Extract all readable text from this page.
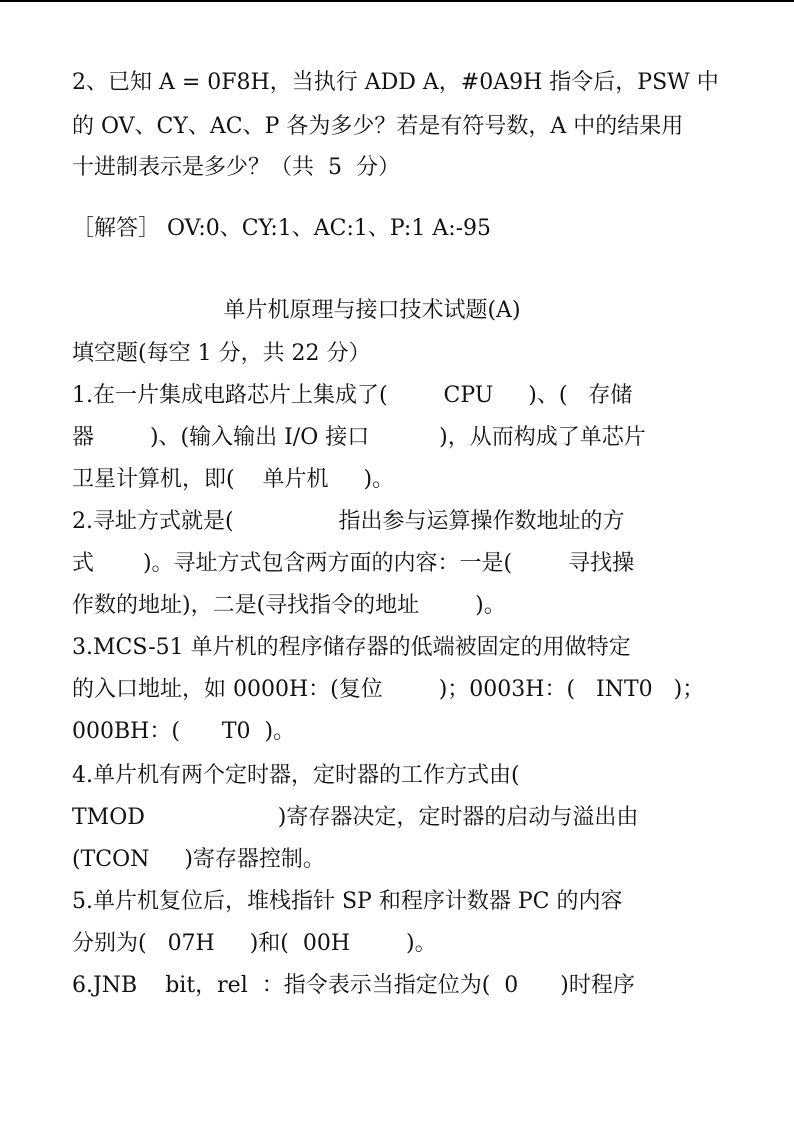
2、已知 A = 0F8H，当执行 ADD A，#0A9H 指令后，PSW 中
的 OV、CY、AC、P 各为多少？若是有符号数，A 中的结果用
十进制表示是多少？（共  5  分）
［解答］ OV:0、CY:1、AC:1、P:1 A:-95
单片机原理与接口技术试题(A)
填空题(每空 1 分，共 22 分）
1.在一片集成电路芯片上集成了(        CPU     )、(   存储
器        )、(输入输出 I/O 接口          )，从而构成了单芯片
卫星计算机，即(    单片机     )。
2.寻址方式就是(               指出参与运算操作数地址的方
式       )。寻址方式包含两方面的内容：一是(        寻找操
作数的地址)，二是(寻找指令的地址        )。
3.MCS-51 单片机的程序储存器的低端被固定的用做特定
的入口地址，如 0000H：(复位        )；0003H：(   INT0   )；
000BH：(      T0  )。
4.单片机有两个定时器，定时器的工作方式由(
TMOD                   )寄存器决定，定时器的启动与溢出由
(TCON     )寄存器控制。
5.单片机复位后，堆栈指针 SP 和程序计数器 PC 的内容
分别为(   07H     )和(  00H        )。
6.JNB    bit，rel  ：指令表示当指定位为(  0      )时程序
